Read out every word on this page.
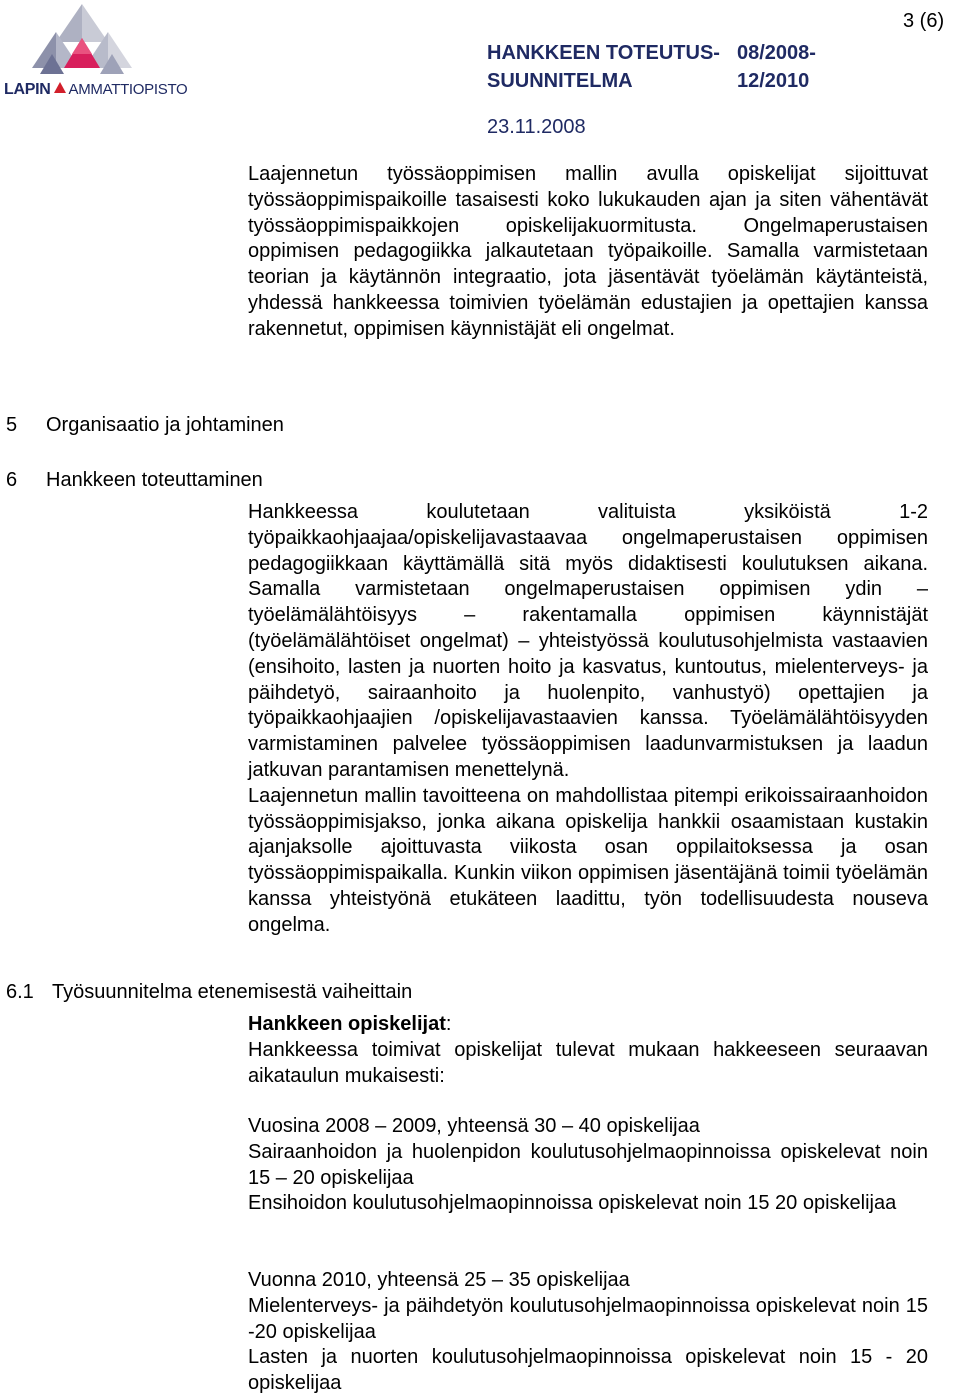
LAPIN AMMATTIOPISTO
HANKKEEN TOTEUTUS- 08/2008-
SUUNNITELMA	12/2010
23.11.2008
3 (6)

Laajennetun työssäoppimisen mallin avulla opiskelijat sijoittuvat työssäoppimispaikoille tasaisesti koko lukukauden ajan ja siten vähentävät työssäoppimispaikkojen opiskelijakuormitusta. Ongelmaperustaisen oppimisen pedagogiikka jalkautetaan työpaikoille. Samalla varmistetaan teorian ja käytännön integraatio, jota jäsentävät työelämän käytänteistä, yhdessä hankkeessa toimivien työelämän edustajien ja opettajien kanssa rakennetut, oppimisen käynnistäjät eli ongelmat.

5 Organisaatio ja johtaminen
6 Hankkeen toteuttaminen

Hankkeessa koulutetaan valituista yksiköistä 1-2 työpaikkaohjaajaa/opiskelijavastaavaa ongelmaperustaisen oppimisen pedagogiikkaan käyttämällä sitä myös didaktisesti koulutuksen aikana. Samalla varmistetaan ongelmaperustaisen oppimisen ydin – työelämälähtöisyys – rakentamalla oppimisen käynnistäjät (työelämälähtöiset ongelmat) – yhteistyössä koulutusohjelmista vastaavien (ensihoito, lasten ja nuorten hoito ja kasvatus, kuntoutus, mielenterveys- ja päihdetyö, sairaanhoito ja huolenpito, vanhustyö) opettajien ja työpaikkaohjaajien /opiskelijavastaavien kanssa. Työelämälähtöisyyden varmistaminen palvelee työssäoppimisen laadunvarmistuksen ja laadun jatkuvan parantamisen menettelynä.

Laajennetun mallin tavoitteena on mahdollistaa pitempi erikoissairaanhoidon työssäoppimisjakso, jonka aikana opiskelija hankkii osaamistaan kustakin ajanjaksolle ajoittuvasta viikosta osan oppilaitoksessa ja osan työssäoppimispaikalla. Kunkin viikon oppimisen jäsentäjänä toimii työelämän kanssa yhteistyönä etukäteen laadittu, työn todellisuudesta nouseva ongelma.

6.1 Työsuunnitelma etenemisestä vaiheittain

Hankkeen opiskelijat:

Hankkeessa toimivat opiskelijat tulevat mukaan hakkeeseen seuraavan aikataulun mukaisesti:

Vuosina 2008 – 2009, yhteensä 30 – 40 opiskelijaa

Sairaanhoidon ja huolenpidon koulutusohjelmaopinnoissa opiskelevat noin 15 – 20 opiskelijaa

Ensihoidon koulutusohjelmaopinnoissa opiskelevat noin 15 20 opiskelijaa

Vuonna 2010, yhteensä 25 – 35 opiskelijaa

Mielenterveys- ja päihdetyön koulutusohjelmaopinnoissa opiskelevat noin 15 -20 opiskelijaa

Lasten ja nuorten koulutusohjelmaopinnoissa opiskelevat noin 15 - 20 opiskelijaa
